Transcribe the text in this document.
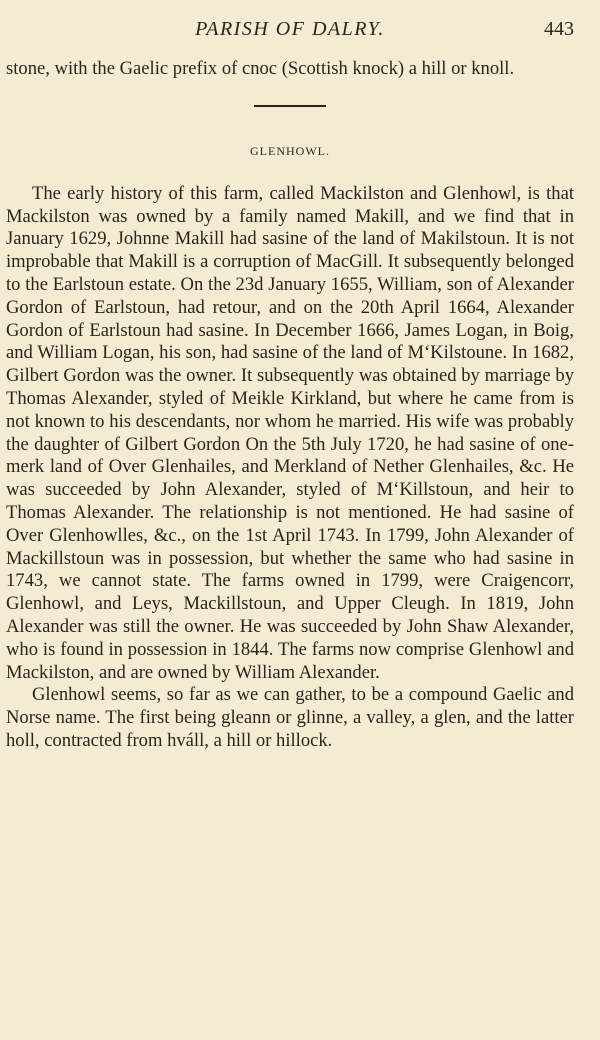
PARISH OF DALRY.	443

stone, with the Gaelic prefix of cnoc (Scottish knock) a hill or knoll.

GLENHOWL.

The early history of this farm, called Mackilston and Glenhowl, is that Mackilston was owned by a family named Makill, and we find that in January 1629, Johnne Makill had sasine of the land of Makilstoun. It is not improbable that Makill is a corruption of MacGill. It subsequently belonged to the Earlstoun estate. On the 23d January 1655, William, son of Alexander Gordon of Earlstoun, had retour, and on the 20th April 1664, Alexander Gordon of Earlstoun had sasine. In December 1666, James Logan, in Boig, and William Logan, his son, had sasine of the land of M‘Kilstoune. In 1682, Gilbert Gordon was the owner. It subsequently was obtained by marriage by Thomas Alexander, styled of Meikle Kirkland, but where he came from is not known to his descendants, nor whom he married. His wife was probably the daughter of Gilbert Gordon On the 5th July 1720, he had sasine of one-merk land of Over Glenhailes, and Merkland of Nether Glenhailes, &c. He was succeeded by John Alexander, styled of M‘Killstoun, and heir to Thomas Alexander. The relationship is not mentioned. He had sasine of Over Glenhowlles, &c., on the 1st April 1743. In 1799, John Alexander of Mackillstoun was in possession, but whether the same who had sasine in 1743, we cannot state. The farms owned in 1799, were Craigencorr, Glenhowl, and Leys, Mackillstoun, and Upper Cleugh. In 1819, John Alexander was still the owner. He was succeeded by John Shaw Alexander, who is found in possession in 1844. The farms now comprise Glenhowl and Mackilston, and are owned by William Alexander.

Glenhowl seems, so far as we can gather, to be a compound Gaelic and Norse name. The first being gleann or glinne, a valley, a glen, and the latter holl, contracted from hváll, a hill or hillock.
